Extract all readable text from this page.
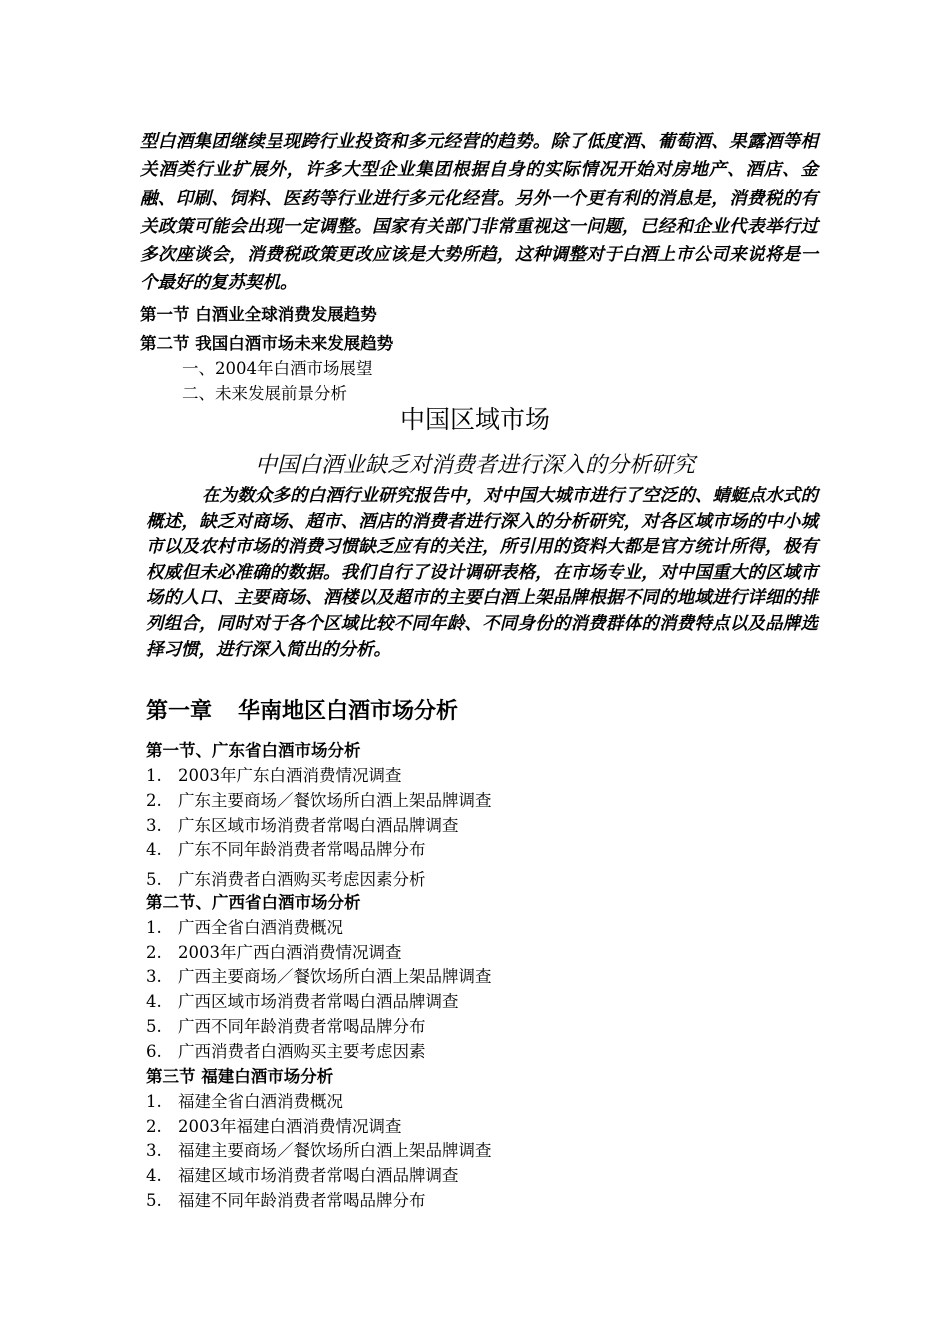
型白酒集团继续呈现跨行业投资和多元经营的趋势。除了低度酒、葡萄酒、果露酒等相关酒类行业扩展外，许多大型企业集团根据自身的实际情况开始对房地产、酒店、金融、印刷、饲料、医药等行业进行多元化经营。另外一个更有利的消息是，消费税的有关政策可能会出现一定调整。国家有关部门非常重视这一问题，已经和企业代表举行过多次座谈会，消费税政策更改应该是大势所趋，这种调整对于白酒上市公司来说将是一个最好的复苏契机。
第一节 白酒业全球消费发展趋势
第二节 我国白酒市场未来发展趋势
一、2004年白酒市场展望
二、未来发展前景分析
中国区域市场
中国白酒业缺乏对消费者进行深入的分析研究
在为数众多的白酒行业研究报告中，对中国大城市进行了空泛的、蜻蜓点水式的概述，缺乏对商场、超市、酒店的消费者进行深入的分析研究，对各区域市场的中小城市以及农村市场的消费习惯缺乏应有的关注，所引用的资料大都是官方统计所得，极有权威但未必准确的数据。我们自行了设计调研表格，在市场专业，对中国重大的区域市场的人口、主要商场、酒楼以及超市的主要白酒上架品牌根据不同的地域进行详细的排列组合，同时对于各个区域比较不同年龄、不同身份的消费群体的消费特点以及品牌选择习惯，进行深入简出的分析。
第一章 华南地区白酒市场分析
第一节、广东省白酒市场分析
1. 2003年广东白酒消费情况调查
2. 广东主要商场／餐饮场所白酒上架品牌调查
3. 广东区域市场消费者常喝白酒品牌调查
4. 广东不同年龄消费者常喝品牌分布
5. 广东消费者白酒购买考虑因素分析
第二节、广西省白酒市场分析
1. 广西全省白酒消费概况
2. 2003年广西白酒消费情况调查
3. 广西主要商场／餐饮场所白酒上架品牌调查
4. 广西区域市场消费者常喝白酒品牌调查
5. 广西不同年龄消费者常喝品牌分布
6. 广西消费者白酒购买主要考虑因素
第三节 福建白酒市场分析
1. 福建全省白酒消费概况
2. 2003年福建白酒消费情况调查
3. 福建主要商场／餐饮场所白酒上架品牌调查
4. 福建区域市场消费者常喝白酒品牌调查
5. 福建不同年龄消费者常喝品牌分布
